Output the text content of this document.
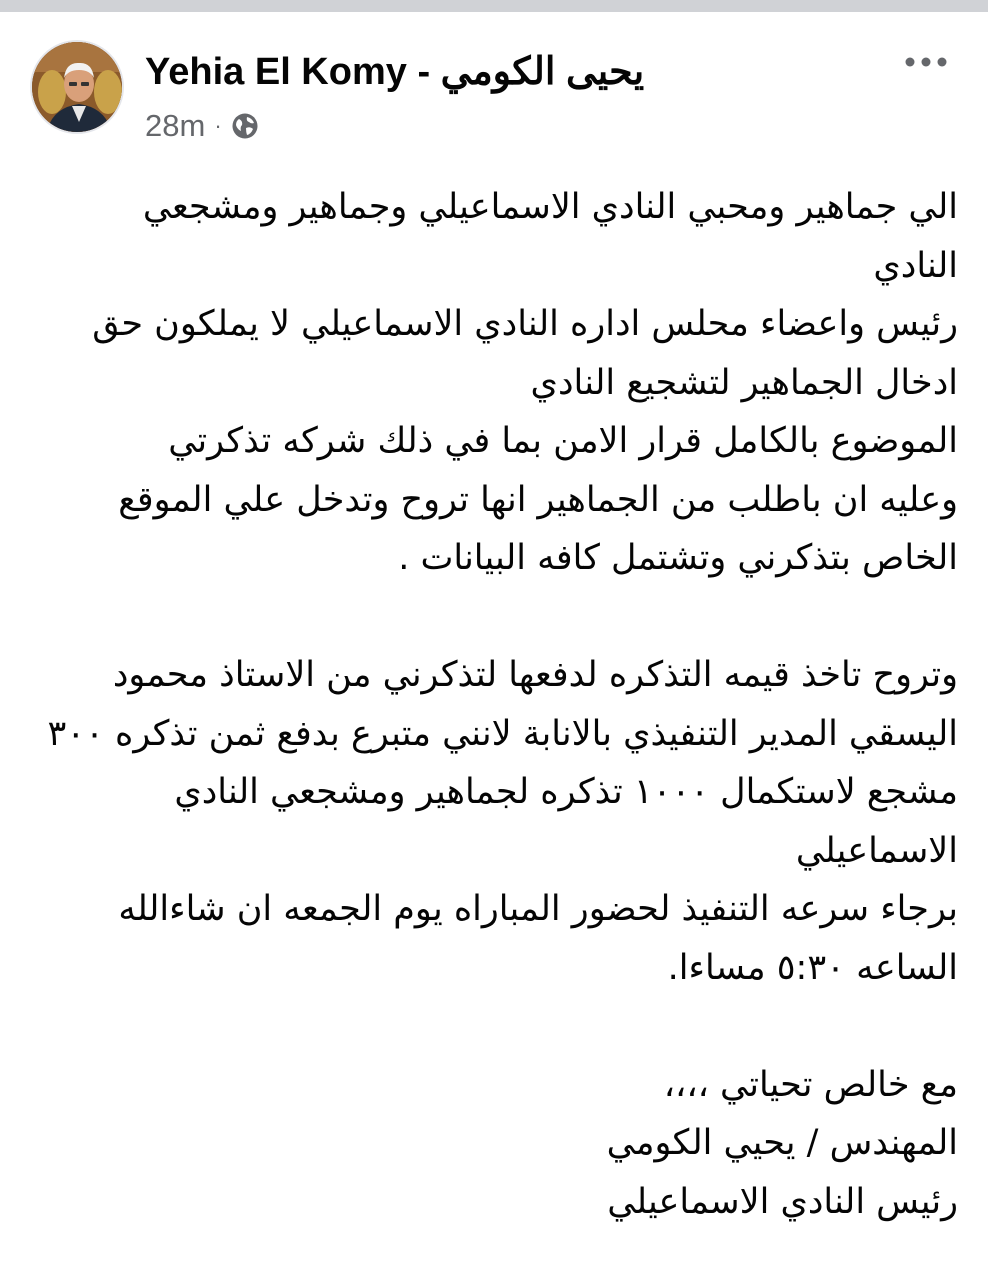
Yehia El Komy - يحيى الكومي
28m ·
الي جماهير ومحبي النادي الاسماعيلي وجماهير ومشجعي
النادي
رئيس واعضاء محلس اداره النادي الاسماعيلي لا يملكون حق
ادخال الجماهير لتشجيع النادي
الموضوع بالكامل قرار الامن بما في ذلك شركه تذكرتي
وعليه ان باطلب من الجماهير انها تروح وتدخل علي الموقع
الخاص بتذكرني وتشتمل كافه البيانات .
وتروح تاخذ قيمه التذكره لدفعها لتذكرني من الاستاذ محمود
اليسقي المدير التنفيذي بالانابة لانني متبرع بدفع ثمن تذكره ٣٠٠
مشجع لاستكمال ١٠٠٠ تذكره لجماهير ومشجعي النادي
الاسماعيلي
برجاء سرعه التنفيذ لحضور المباراه يوم الجمعه ان شاءالله
الساعه ٥:٣٠ مساءا.
مع خالص تحياتي ،،،،
المهندس / يحيي الكومي
رئيس النادي الاسماعيلي
